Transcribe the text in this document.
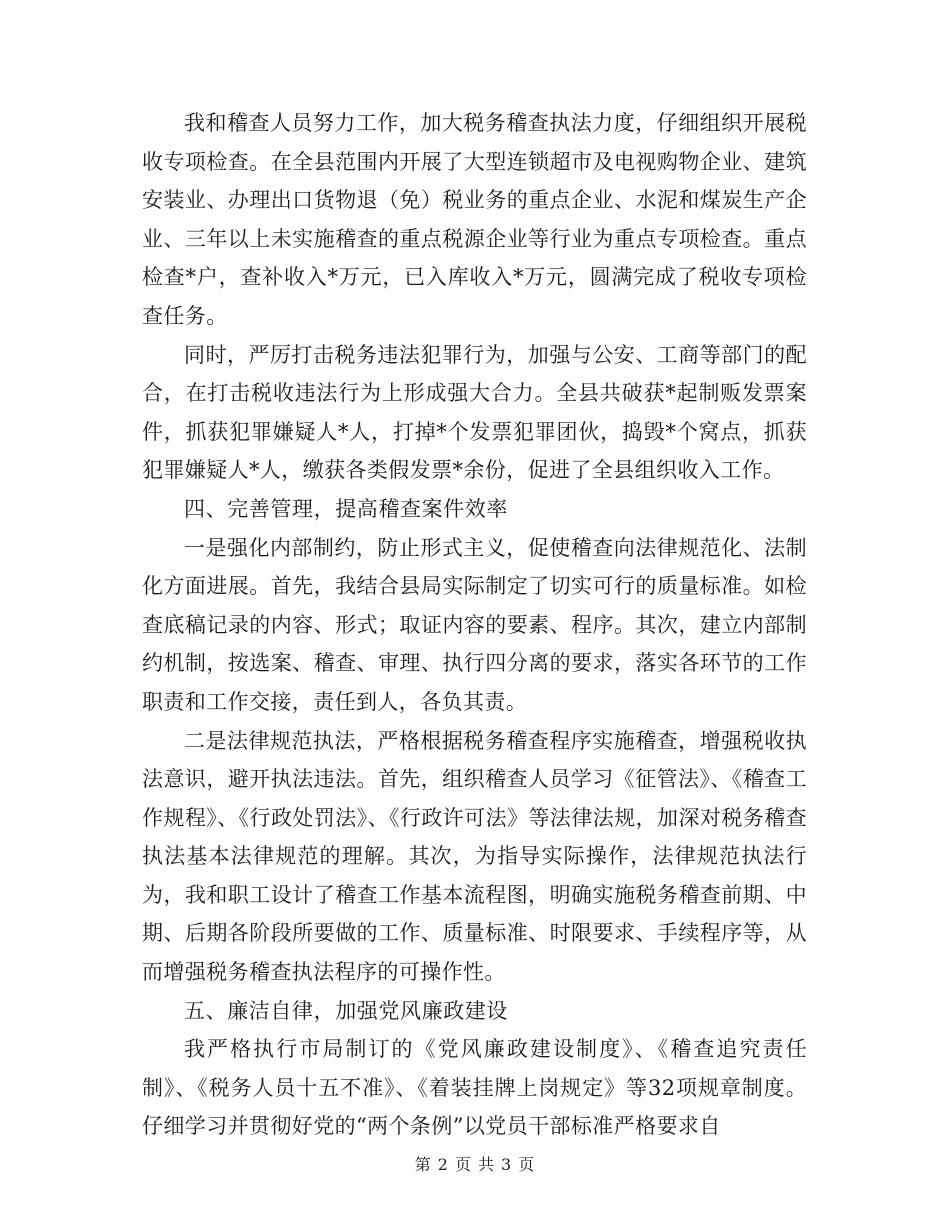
我和稽查人员努力工作，加大税务稽查执法力度，仔细组织开展税收专项检查。在全县范围内开展了大型连锁超市及电视购物企业、建筑安装业、办理出口货物退（免）税业务的重点企业、水泥和煤炭生产企业、三年以上未实施稽查的重点税源企业等行业为重点专项检查。重点检查*户，查补收入*万元，已入库收入*万元，圆满完成了税收专项检查任务。

同时，严厉打击税务违法犯罪行为，加强与公安、工商等部门的配合，在打击税收违法行为上形成强大合力。全县共破获*起制贩发票案件，抓获犯罪嫌疑人*人，打掉*个发票犯罪团伙，捣毁*个窝点，抓获犯罪嫌疑人*人，缴获各类假发票*余份，促进了全县组织收入工作。

四、完善管理，提高稽查案件效率

一是强化内部制约，防止形式主义，促使稽查向法律规范化、法制化方面进展。首先，我结合县局实际制定了切实可行的质量标准。如检查底稿记录的内容、形式；取证内容的要素、程序。其次，建立内部制约机制，按选案、稽查、审理、执行四分离的要求，落实各环节的工作职责和工作交接，责任到人，各负其责。

二是法律规范执法，严格根据税务稽查程序实施稽查，增强税收执法意识，避开执法违法。首先，组织稽查人员学习《征管法》、《稽查工作规程》、《行政处罚法》、《行政许可法》等法律法规，加深对税务稽查执法基本法律规范的理解。其次，为指导实际操作，法律规范执法行为，我和职工设计了稽查工作基本流程图，明确实施税务稽查前期、中期、后期各阶段所要做的工作、质量标准、时限要求、手续程序等，从而增强税务稽查执法程序的可操作性。

五、廉洁自律，加强党风廉政建设

我严格执行市局制订的《党风廉政建设制度》、《稽查追究责任制》、《税务人员十五不准》、《着装挂牌上岗规定》等32项规章制度。仔细学习并贯彻好党的“两个条例”以党员干部标准严格要求自

第 2 页 共 3 页
